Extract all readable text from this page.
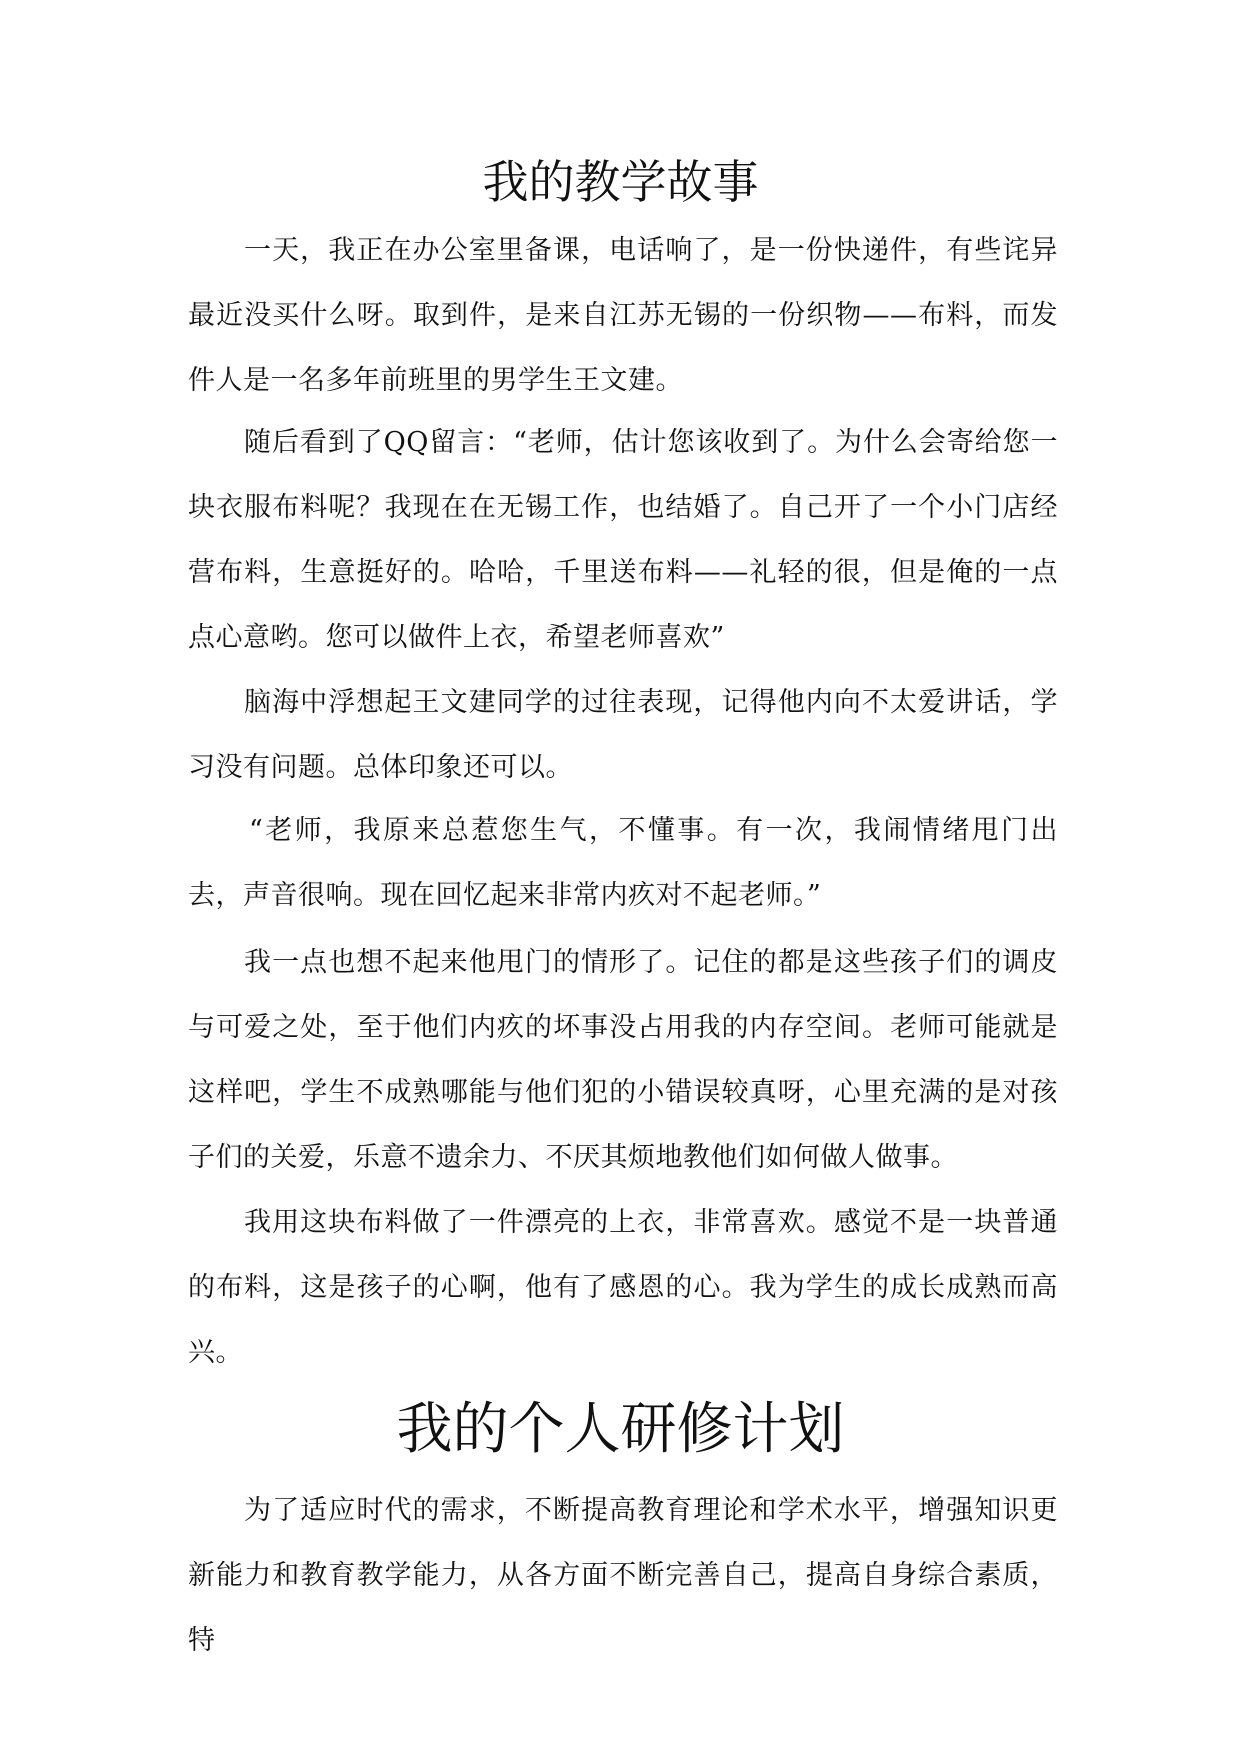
我的教学故事

一天，我正在办公室里备课，电话响了，是一份快递件，有些诧异最近没买什么呀。取到件，是来自江苏无锡的一份织物——布料，而发件人是一名多年前班里的男学生王文建。

随后看到了QQ留言：“老师，估计您该收到了。为什么会寄给您一块衣服布料呢？我现在在无锡工作，也结婚了。自己开了一个小门店经营布料，生意挺好的。哈哈，千里送布料——礼轻的很，但是俺的一点点心意哟。您可以做件上衣，希望老师喜欢”

脑海中浮想起王文建同学的过往表现，记得他内向不太爱讲话，学习没有问题。总体印象还可以。

“老师，我原来总惹您生气，不懂事。有一次，我闹情绪甩门出去，声音很响。现在回忆起来非常内疚对不起老师。”

我一点也想不起来他甩门的情形了。记住的都是这些孩子们的调皮与可爱之处，至于他们内疚的坏事没占用我的内存空间。老师可能就是这样吧，学生不成熟哪能与他们犯的小错误较真呀，心里充满的是对孩子们的关爱，乐意不遗余力、不厌其烦地教他们如何做人做事。

我用这块布料做了一件漂亮的上衣，非常喜欢。感觉不是一块普通的布料，这是孩子的心啊，他有了感恩的心。我为学生的成长成熟而高兴。

我的个人研修计划

为了适应时代的需求，不断提高教育理论和学术水平，增强知识更新能力和教育教学能力，从各方面不断完善自己，提高自身综合素质，特
